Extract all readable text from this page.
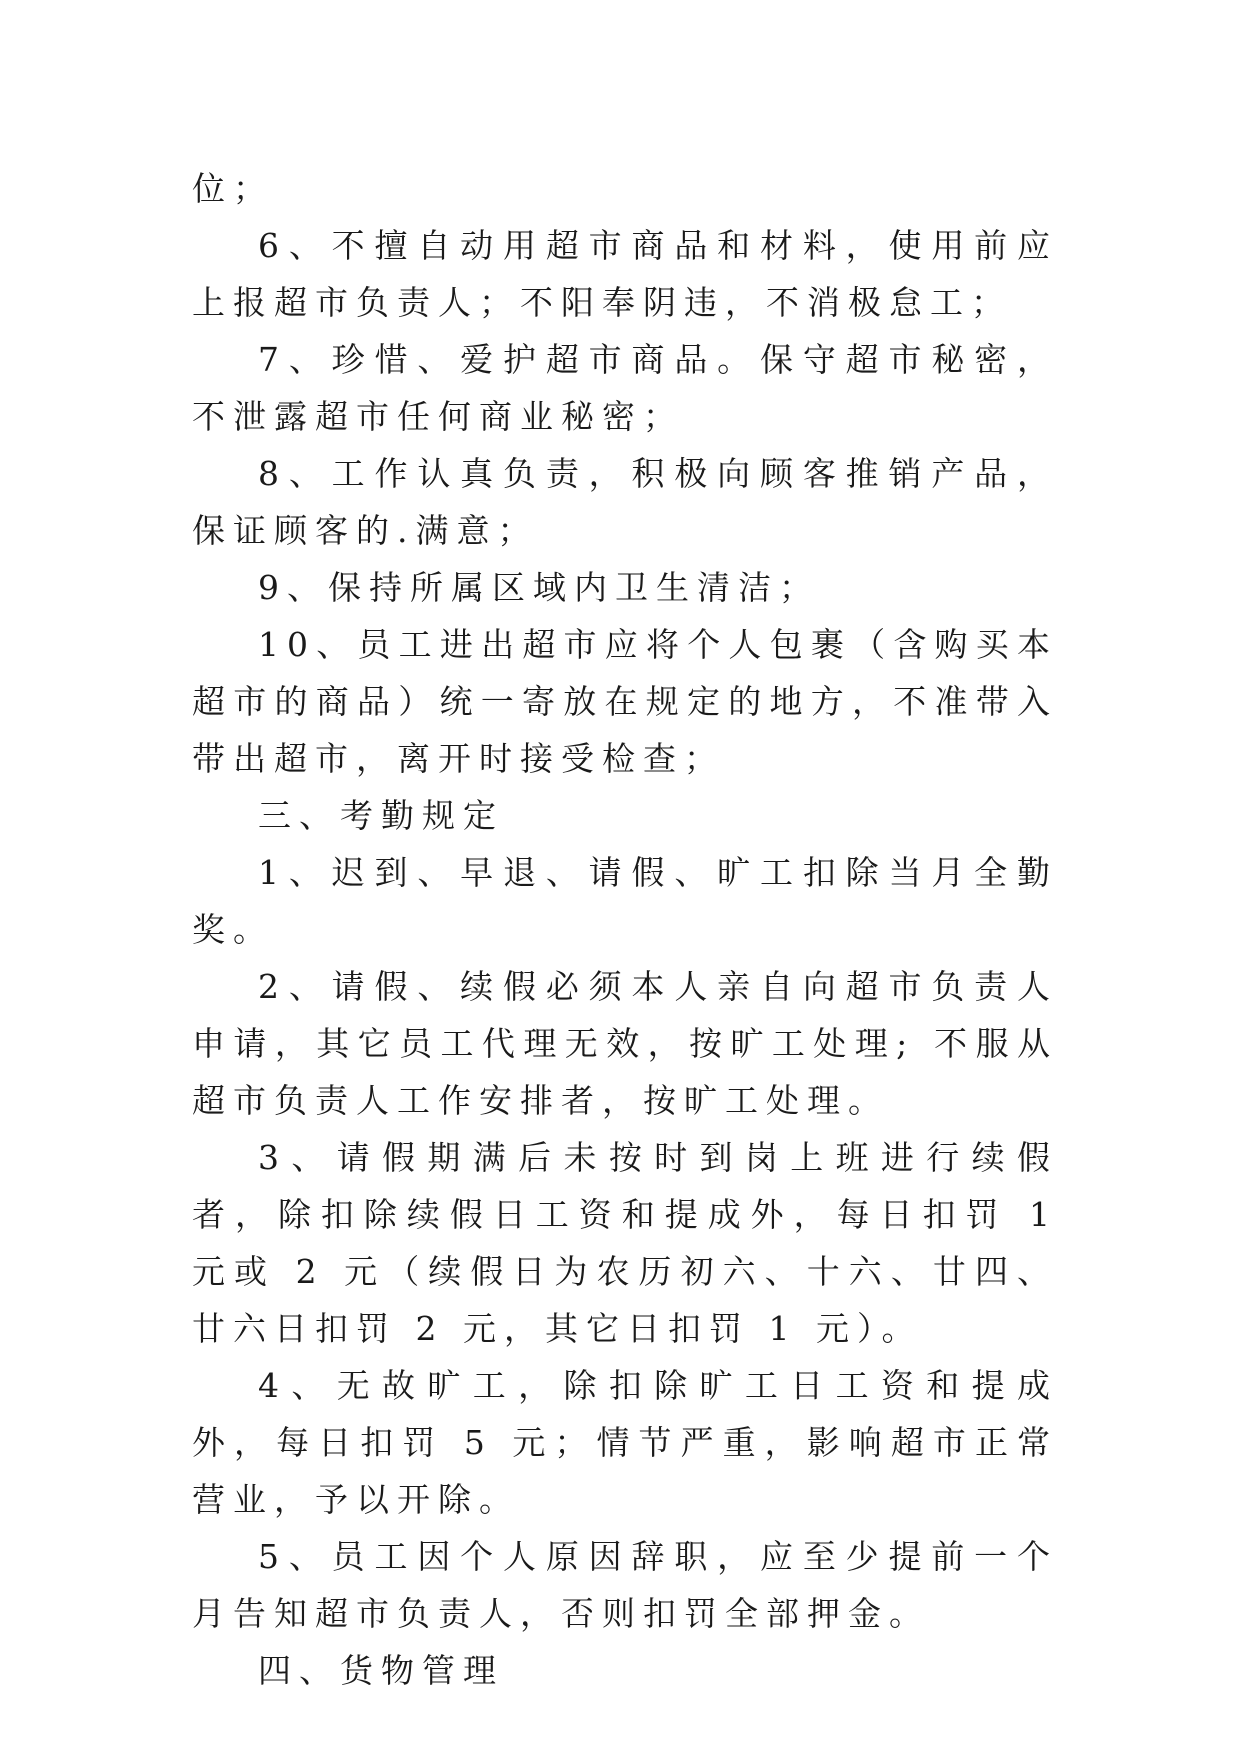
位；

6、不擅自动用超市商品和材料，使用前应上报超市负责人；不阳奉阴违，不消极怠工；

7、珍惜、爱护超市商品。保守超市秘密，不泄露超市任何商业秘密；

8、工作认真负责，积极向顾客推销产品，保证顾客的.满意；

9、保持所属区域内卫生清洁；

10、员工进出超市应将个人包裹（含购买本超市的商品）统一寄放在规定的地方，不准带入带出超市，离开时接受检查；

三、考勤规定

1、迟到、早退、请假、旷工扣除当月全勤奖。

2、请假、续假必须本人亲自向超市负责人申请，其它员工代理无效，按旷工处理; 不服从超市负责人工作安排者，按旷工处理。

3、请假期满后未按时到岗上班进行续假者，除扣除续假日工资和提成外，每日扣罚 1 元或 2 元（续假日为农历初六、十六、廿四、廿六日扣罚 2 元，其它日扣罚 1 元）。

4、无故旷工，除扣除旷工日工资和提成外，每日扣罚 5 元；情节严重，影响超市正常营业，予以开除。

5、员工因个人原因辞职，应至少提前一个月告知超市负责人，否则扣罚全部押金。

四、货物管理
